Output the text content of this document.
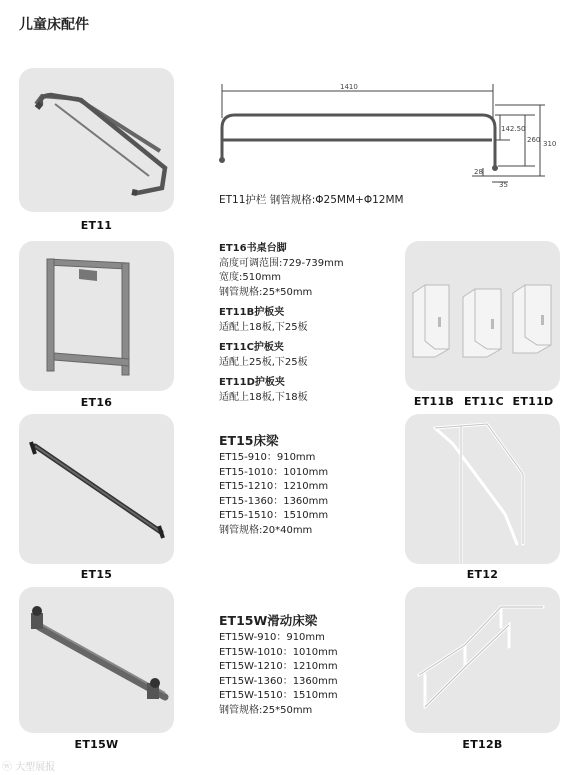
儿童床配件
ET11
1410
142.50
260 310
28
35
ET11护栏 钢管规格:Φ25MM+Φ12MM
ET16
ET16书桌台脚
高度可调范围:729-739mm
宽度:510mm
钢管规格:25*50mm
ET11B护板夹
适配上18板,下25板
ET11C护板夹
适配上25板,下25板
ET11D护板夹
适配上18板,下18板	ET11B ET11C ET11D
ET15
ET15床梁
ET15-910：910mm
ET15-1010：1010mm
ET15-1210：1210mm
ET15-1360：1360mm
ET15-1510：1510mm
钢管规格:20*40mm
ET12
ET15W
ET15W滑动床梁
ET15W-910：910mm
ET15W-1010：1010mm
ET15W-1210：1210mm
ET15W-1360：1360mm
ET15W-1510：1510mm
钢管规格:25*50mm
ET12B
ⓦ 大型展报
